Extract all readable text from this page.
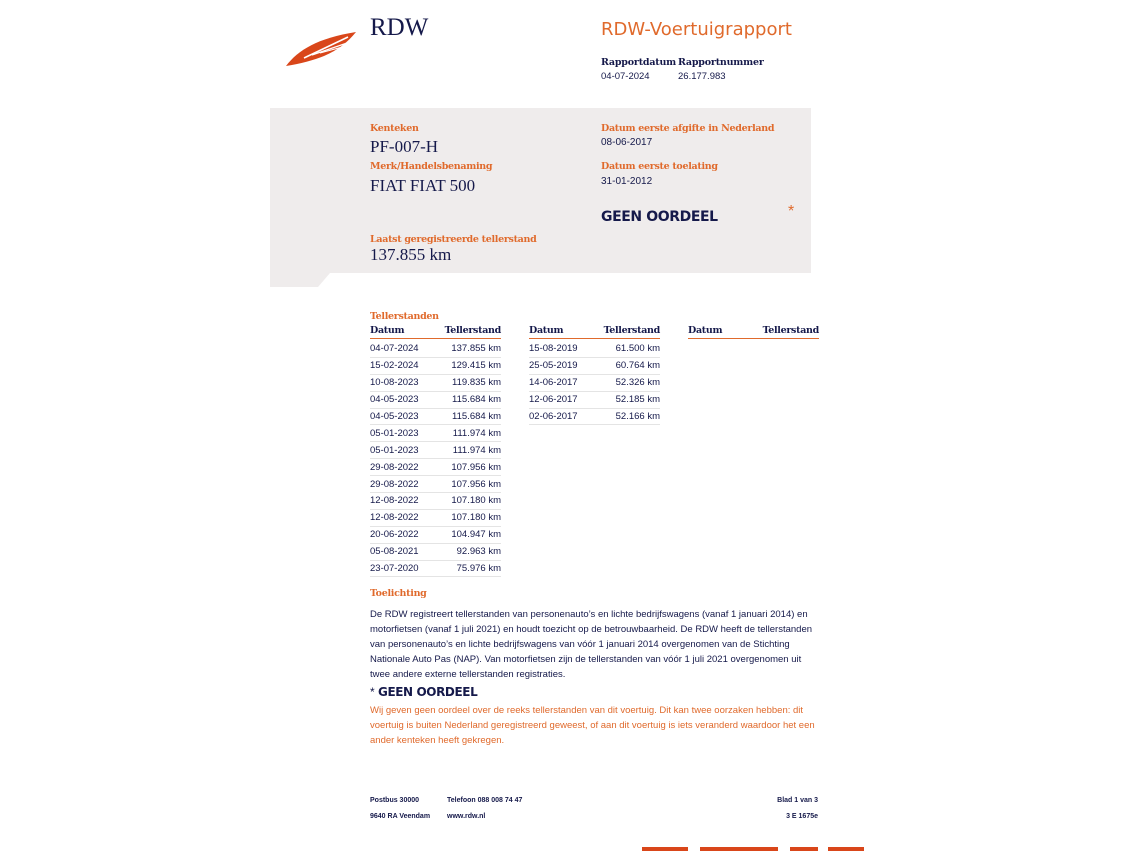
RDW	RDW-Voertuigrapport
Rapportdatum Rapportnummer
04-07-2024	26.177.983
Kenteken
PF-007-H
Merk/Handelsbenaming
FIAT FIAT 500
Datum eerste afgifte in Nederland
08-06-2017
Datum eerste toelating
31-01-2012
GEEN OORDEEL	*
Laatst geregistreerde tellerstand
137.855 km
Tellerstanden
Datum	Tellerstand
04-07-2024	137.855 km
15-02-2024	129.415 km
10-08-2023	119.835 km
04-05-2023	115.684 km
04-05-2023	115.684 km
05-01-2023	111.974 km
05-01-2023	111.974 km
29-08-2022	107.956 km
29-08-2022	107.956 km
12-08-2022	107.180 km
12-08-2022	107.180 km
20-06-2022	104.947 km
05-08-2021	92.963 km
23-07-2020	75.976 km
Datum	Tellerstand
15-08-2019	61.500 km
25-05-2019	60.764 km
14-06-2017	52.326 km
12-06-2017	52.185 km
02-06-2017	52.166 km
Datum	Tellerstand
Toelichting
De RDW registreert tellerstanden van personenauto’s en lichte bedrijfswagens (vanaf 1 januari 2014) en motorfietsen (vanaf 1 juli 2021) en houdt toezicht op de betrouwbaarheid. De RDW heeft de tellerstanden van personenauto’s en lichte bedrijfswagens van vóór 1 januari 2014 overgenomen van de Stichting Nationale Auto Pas (NAP). Van motorfietsen zijn de tellerstanden van vóór 1 juli 2021 overgenomen uit twee andere externe tellerstanden registraties.
* GEEN OORDEEL
Wij geven geen oordeel over de reeks tellerstanden van dit voertuig. Dit kan twee oorzaken hebben: dit voertuig is buiten Nederland geregistreerd geweest, of aan dit voertuig is iets veranderd waardoor het een ander kenteken heeft gekregen.
Postbus 30000
9640 RA Veendam
Telefoon 088 008 74 47
www.rdw.nl
Blad 1 van 3
3 E 1675e
